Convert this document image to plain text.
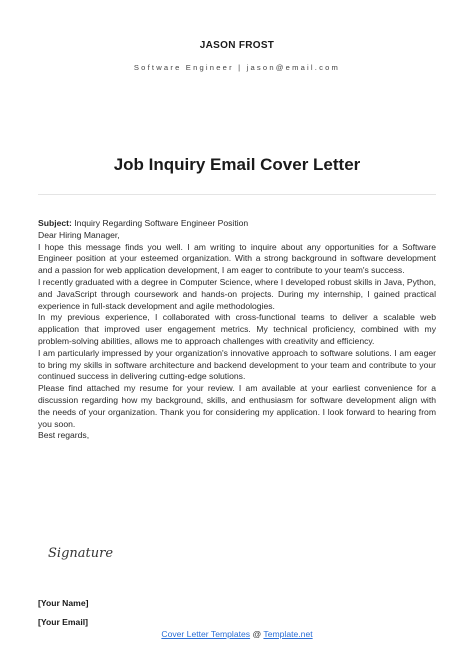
JASON FROST
Software Engineer | jason@email.com
Job Inquiry Email Cover Letter

Subject: Inquiry Regarding Software Engineer Position

Dear Hiring Manager,

I hope this message finds you well. I am writing to inquire about any opportunities for a Software Engineer position at your esteemed organization. With a strong background in software development and a passion for web application development, I am eager to contribute to your team's success.

I recently graduated with a degree in Computer Science, where I developed robust skills in Java, Python, and JavaScript through coursework and hands-on projects. During my internship, I gained practical experience in full-stack development and agile methodologies.

In my previous experience, I collaborated with cross-functional teams to deliver a scalable web application that improved user engagement metrics. My technical proficiency, combined with my problem-solving abilities, allows me to approach challenges with creativity and efficiency.

I am particularly impressed by your organization's innovative approach to software solutions. I am eager to bring my skills in software architecture and backend development to your team and contribute to your continued success in delivering cutting-edge solutions.

Please find attached my resume for your review. I am available at your earliest convenience for a discussion regarding how my background, skills, and enthusiasm for software development align with the needs of your organization. Thank you for considering my application. I look forward to hearing from you soon.

Best regards,

Signature
[Your Name]
[Your Email]
Cover Letter Templates @ Template.net
